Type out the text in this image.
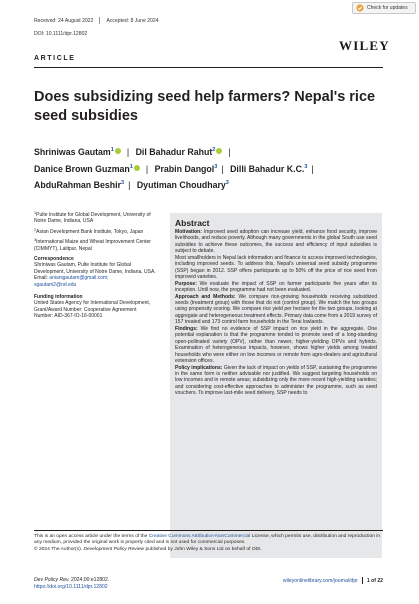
Received: 24 August 2022	Accepted: 8 June 2024
DOI: 10.1111/dpr.12802
Check for updates
WILEY
ARTICLE
Does subsidizing seed help farmers? Nepal's rice seed subsidies
Shriniwas Gautam$^1$ | Dil Bahadur Rahut$^2$ |
Danice Brown Guzman$^1$ | Prabin Dangol$^3$ | Dilli Bahadur K.C.$^3$ |
AbduRahman Beshir$^3$ | Dyutiman Choudhary$^3$
$^1$Pulte Institute for Global Development, University of Notre Dame, Indiana, USA
$^2$Asian Development Bank Institute, Tokyo, Japan
$^3$International Maize and Wheat Improvement Center (CIMMYT), Lalitpur, Nepal
Correspondence
Shriniwas Gautam, Pulte Institute for Global Development, University of Notre Dame, Indiana, USA.
Email: anianigautam@gmail.com;
sgautam2@nd.edu
Funding information
United States Agency for International Development, Grant/Award Number: Cooperative Agreement Number: AID-367-IO-16-00001
Abstract

Motivation: Improved seed adoption can increase yield, enhance food security, improve livelihoods, and reduce poverty. Although many governments in the global South use seed subsidies to achieve these outcomes, the success and efficiency of input subsidies is subject to debate.

Most smallholders in Nepal lack information and finance to access improved technologies, including improved seeds. To address this, Nepal's universal seed subsidy programme (SSP) began in 2012. SSP offers participants up to 50% off the price of rice seed from improved varieties.

Purpose: We evaluate the impact of SSP on farmer participants five years after its inception. Until now, the programme had not been evaluated.

Approach and Methods: We compare rice-growing households receiving subsidized seeds (treatment group) with those that do not (control group). We match the two groups using propensity scoring. We compare rice yield per hectare for the two groups, looking at aggregate and heterogeneous treatment effects. Primary data come from a 2019 survey of 157 treated and 173 control farm households in the Terai lowlands.

Findings: We find no evidence of SSP impact on rice yield in the aggregate. One potential explanation is that the programme tended to promote seed of a long-standing open-pollinated variety (OPV), rather than newer, higher-yielding OPVs and hybrids. Examination of heterogeneous impacts, however, shows higher yields among treated households who were either on low incomes or remote from agro-dealers and agricultural extension offices.

Policy implications: Given the lack of impact on yields of SSP, sustaining the programme in the same form is neither advisable nor justified. We suggest targeting households on low incomes and in remote areas; subsidizing only the more recent high-yielding varieties; and considering cost-effective approaches to administer the programme, such as seed vouchers. To improve last-mile seed delivery, SSP needs to

This is an open access article under the terms of the Creative Commons Attribution-NonCommercial License, which permits use, distribution and reproduction in any medium, provided the original work is properly cited and is not used for commercial purposes.
© 2024 The Author(s). Development Policy Review published by John Wiley & Sons Ltd on behalf of ODI.
Dev Policy Rev. 2024;00:e12802.
https://doi.org/10.1111/dpr.12802
wileyonlinelibrary.com/journal/dpr 1 of 22
